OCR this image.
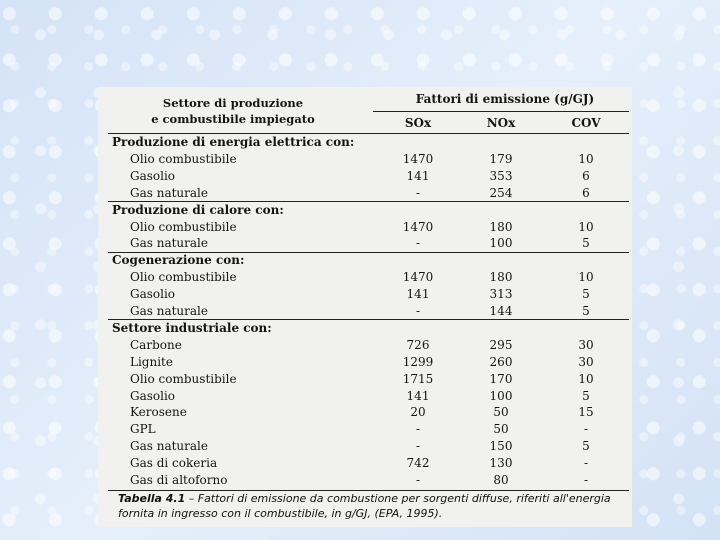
Settore di produzione
e combustibile impiegato
Fattori di emissione (g/GJ)
SOx	NOx	COV
Produzione di energia elettrica con:
Olio combustibile	1470	179	10
Gasolio	141	353	6
Gas naturale	-	254	6
Produzione di calore con:
Olio combustibile	1470	180	10
Gas naturale	-	100	5
Cogenerazione con:
Olio combustibile	1470	180	10
Gasolio	141	313	5
Gas naturale	-	144	5
Settore industriale con:
Carbone	726	295	30
Lignite	1299	260	30
Olio combustibile	1715	170	10
Gasolio	141	100	5
Kerosene	20	50	15
GPL	-	50	-
Gas naturale	-	150	5
Gas di cokeria	742	130	-
Gas di altoforno	-	80	-
Tabella 4.1 – Fattori di emissione da combustione per sorgenti diffuse, riferiti all'energia fornita in ingresso con il combustibile, in g/GJ, (EPA, 1995).
